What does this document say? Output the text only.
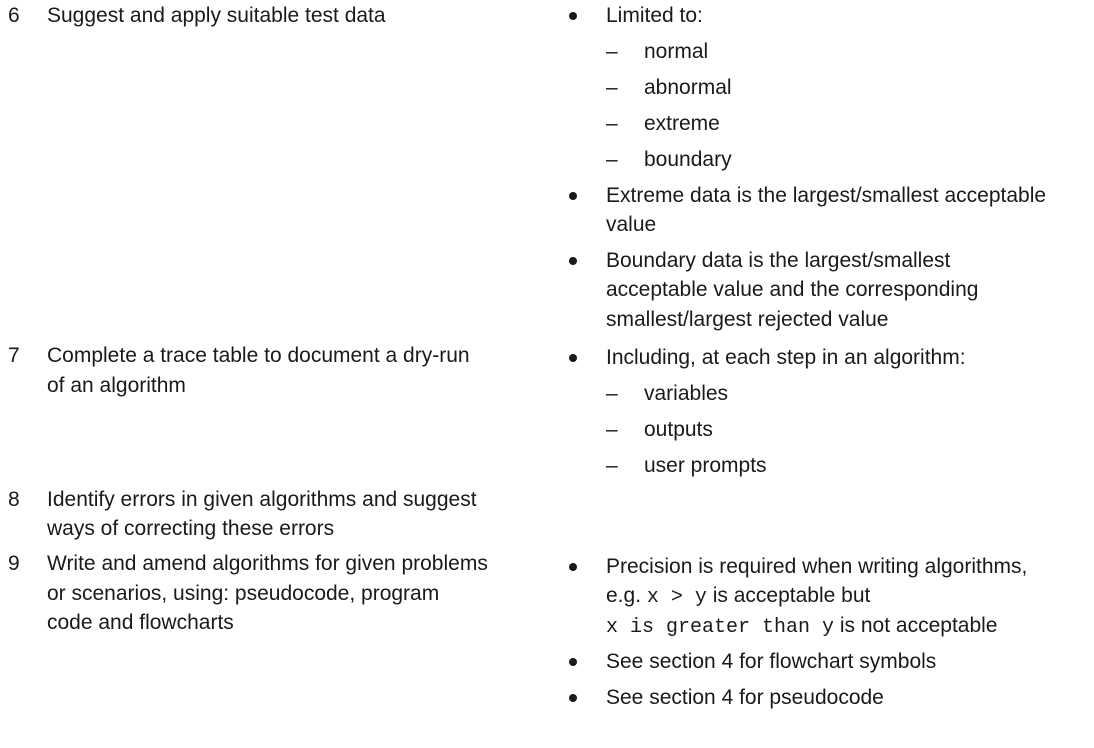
6 Suggest and apply suitable test data	Limited to:
– normal
– abnormal
– extreme
– boundary
Extreme data is the largest/smallest acceptable
value
Boundary data is the largest/smallest
acceptable value and the corresponding
smallest/largest rejected value
7 Complete a trace table to document a dry-run
of an algorithm
Including, at each step in an algorithm:
– variables
– outputs
– user prompts
8 Identify errors in given algorithms and suggest
ways of correcting these errors
9 Write and amend algorithms for given problems
or scenarios, using: pseudocode, program
code and flowcharts
Precision is required when writing algorithms,
e.g. x > y is acceptable but
x is greater than y is not acceptable
See section 4 for flowchart symbols
See section 4 for pseudocode
